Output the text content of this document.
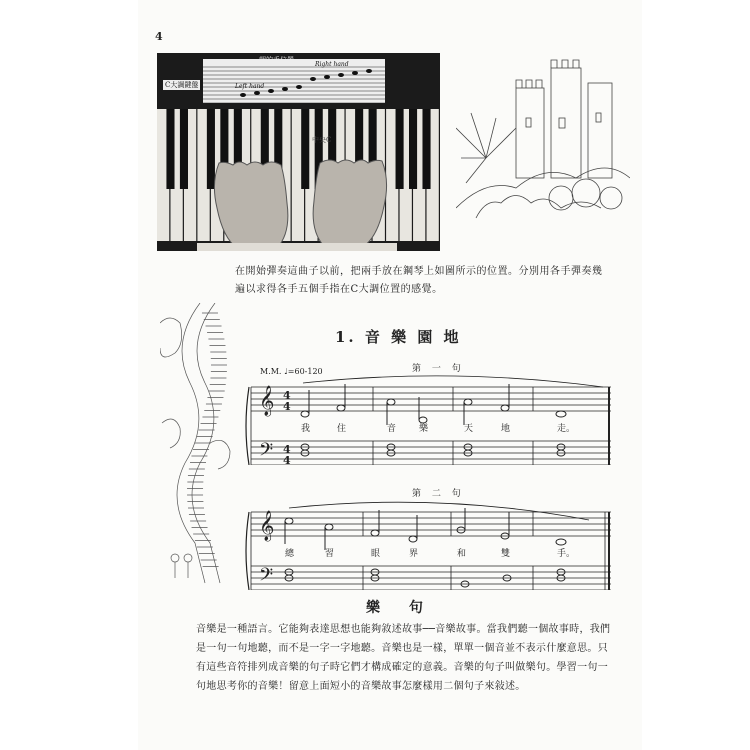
4
朝的手位置
Right hand
Left hand
C大調鍵盤
中央C
在開始彈奏這曲子以前，把兩手放在鋼琴上如圖所示的位置。分別用各手彈奏幾遍以求得各手五個手指在C大調位置的感覺。
1. 音 樂 園 地
M.M. ♩=60-120	第 一 句
第 二 句
𝄞
𝄢
4
4
4
4
我	住	音	樂	天	地	走。
𝄞
𝄢
總	習	眼	界	和	雙	手。
樂 句
音樂是一種語言。它能夠表達思想也能夠敘述故事──音樂故事。當我們聽一個故事時，我們是一句一句地聽，而不是一字一字地聽。音樂也是一樣，單單一個音並不表示什麼意思。只有這些音符排列成音樂的句子時它們才構成確定的意義。音樂的句子叫做樂句。學習一句一句地思考你的音樂！留意上面短小的音樂故事怎麼樣用二個句子來敍述。
